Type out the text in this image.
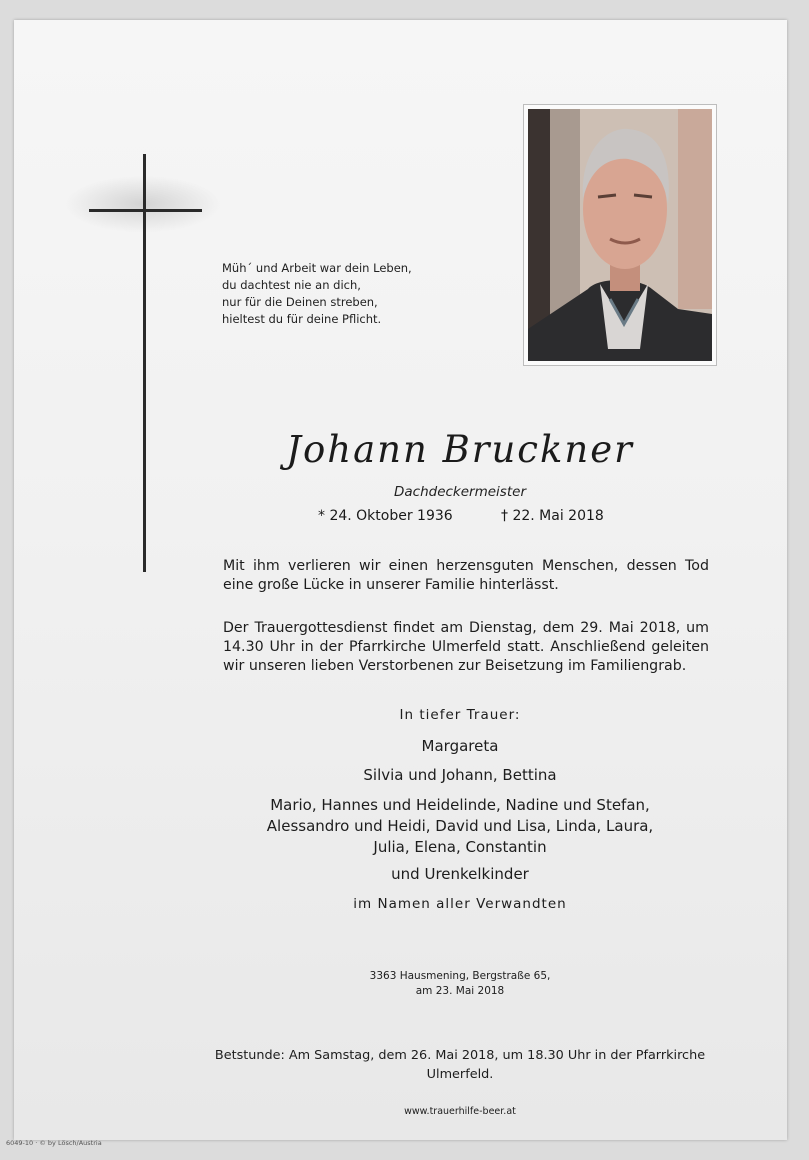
Müh´ und Arbeit war dein Leben,
du dachtest nie an dich,
nur für die Deinen streben,
hieltest du für deine Pflicht.
Johann Bruckner
Dachdeckermeister
* 24. Oktober 1936	† 22. Mai 2018
Mit ihm verlieren wir einen herzensguten Menschen, dessen Tod eine große Lücke in unserer Familie hinterlässt.
Der Trauergottesdienst findet am Dienstag, dem 29. Mai 2018, um 14.30 Uhr in der Pfarrkirche Ulmerfeld statt. Anschließend geleiten wir unseren lieben Verstorbenen zur Beisetzung im Familiengrab.
In tiefer Trauer:
Margareta
Silvia und Johann, Bettina
Mario, Hannes und Heidelinde, Nadine und Stefan, Alessandro und Heidi, David und Lisa, Linda, Laura, Julia, Elena, Constantin
und Urenkelkinder
im Namen aller Verwandten
3363 Hausmening, Bergstraße 65,
am 23. Mai 2018
Betstunde: Am Samstag, dem 26. Mai 2018, um 18.30 Uhr in der Pfarrkirche Ulmerfeld.
www.trauerhilfe-beer.at
6049-10 · © by Lösch/Austria
